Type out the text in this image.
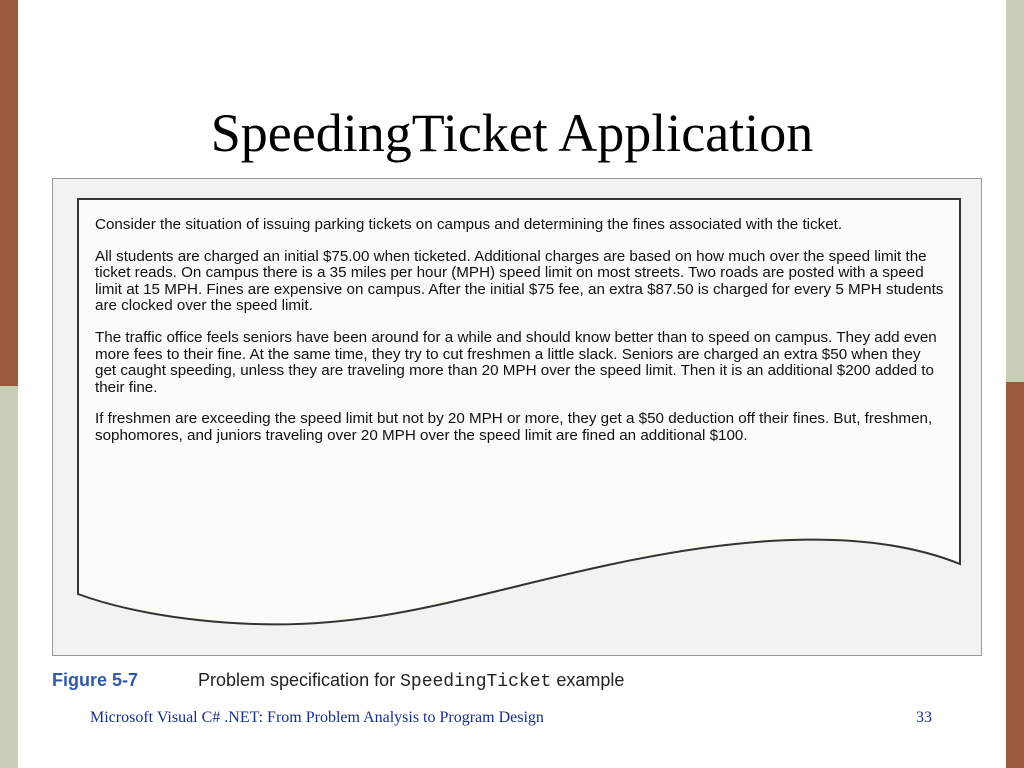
SpeedingTicket Application

Consider the situation of issuing parking tickets on campus and determining the fines associated with the ticket.

All students are charged an initial $75.00 when ticketed. Additional charges are based on how much over the speed limit the ticket reads. On campus there is a 35 miles per hour (MPH) speed limit on most streets. Two roads are posted with a speed limit at 15 MPH. Fines are expensive on campus. After the initial $75 fee, an extra $87.50 is charged for every 5 MPH students are clocked over the speed limit.

The traffic office feels seniors have been around for a while and should know better than to speed on campus. They add even more fees to their fine. At the same time, they try to cut freshmen a little slack. Seniors are charged an extra $50 when they get caught speeding, unless they are traveling more than 20 MPH over the speed limit. Then it is an additional $200 added to their fine.

If freshmen are exceeding the speed limit but not by 20 MPH or more, they get a $50 deduction off their fines. But, freshmen, sophomores, and juniors traveling over 20 MPH over the speed limit are fined an additional $100.

Figure 5-7	Problem specification for SpeedingTicket example
Microsoft Visual C# .NET: From Problem Analysis to Program Design	33
